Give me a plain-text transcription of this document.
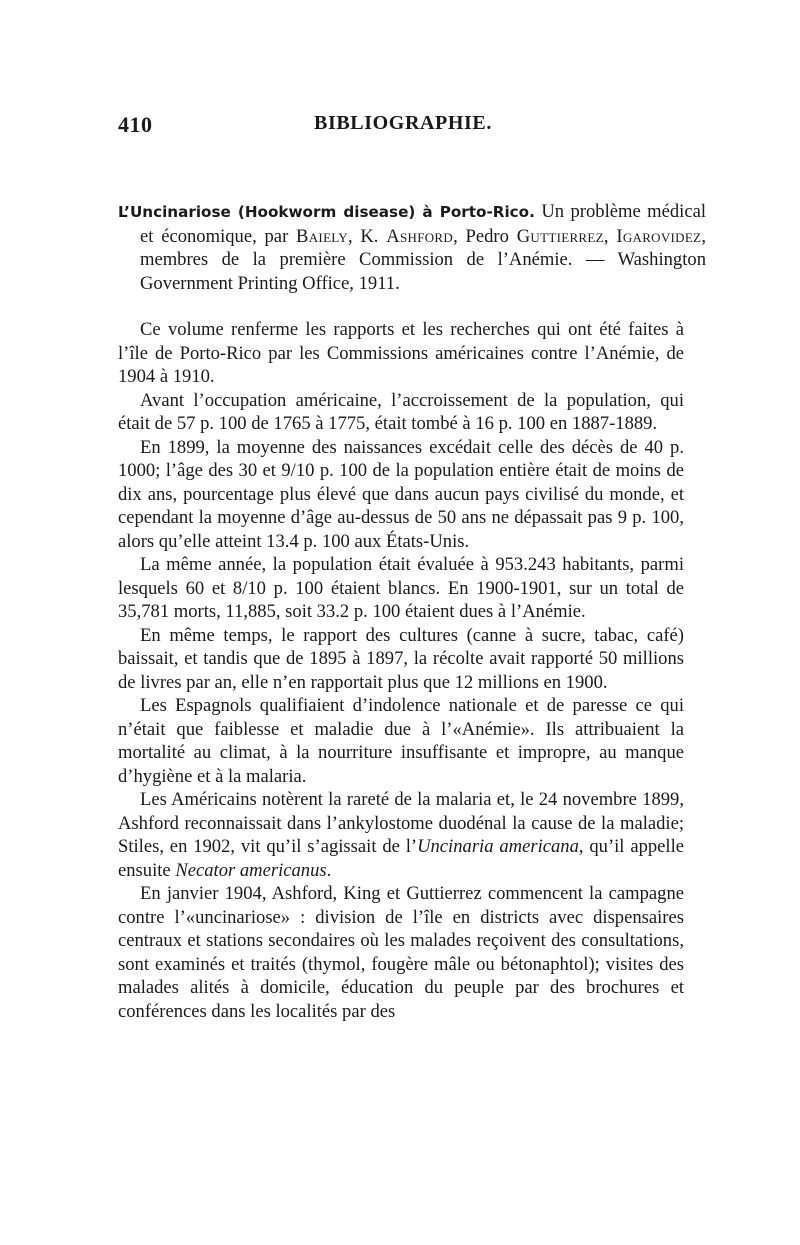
410	BIBLIOGRAPHIE.
L’Uncinariose (Hookworm disease) à Porto-Rico. Un problème médical et économique, par Baiely, K. Ashford, Pedro Guttierrez, Igarovidez, membres de la première Commission de l’Anémie. — Washington Government Printing Office, 1911.

Ce volume renferme les rapports et les recherches qui ont été faites à l’île de Porto-Rico par les Commissions américaines contre l’Anémie, de 1904 à 1910.

Avant l’occupation américaine, l’accroissement de la population, qui était de 57 p. 100 de 1765 à 1775, était tombé à 16 p. 100 en 1887-1889.

En 1899, la moyenne des naissances excédait celle des décès de 40 p. 1000; l’âge des 30 et 9/10 p. 100 de la population entière était de moins de dix ans, pourcentage plus élevé que dans aucun pays civilisé du monde, et cependant la moyenne d’âge au-dessus de 50 ans ne dépassait pas 9 p. 100, alors qu’elle atteint 13.4 p. 100 aux États-Unis.

La même année, la population était évaluée à 953.243 habitants, parmi lesquels 60 et 8/10 p. 100 étaient blancs. En 1900-1901, sur un total de 35,781 morts, 11,885, soit 33.2 p. 100 étaient dues à l’Anémie.

En même temps, le rapport des cultures (canne à sucre, tabac, café) baissait, et tandis que de 1895 à 1897, la récolte avait rapporté 50 millions de livres par an, elle n’en rapportait plus que 12 millions en 1900.

Les Espagnols qualifiaient d’indolence nationale et de paresse ce qui n’était que faiblesse et maladie due à l’«Anémie». Ils attribuaient la mortalité au climat, à la nourriture insuffisante et impropre, au manque d’hygiène et à la malaria.

Les Américains notèrent la rareté de la malaria et, le 24 novembre 1899, Ashford reconnaissait dans l’ankylostome duodénal la cause de la maladie; Stiles, en 1902, vit qu’il s’agissait de l’Uncinaria americana, qu’il appelle ensuite Necator americanus.

En janvier 1904, Ashford, King et Guttierrez commencent la campagne contre l’«uncinariose» : division de l’île en districts avec dispensaires centraux et stations secondaires où les malades reçoivent des consultations, sont examinés et traités (thymol, fougère mâle ou bétonaphtol); visites des malades alités à domicile, éducation du peuple par des brochures et conférences dans les localités par des
